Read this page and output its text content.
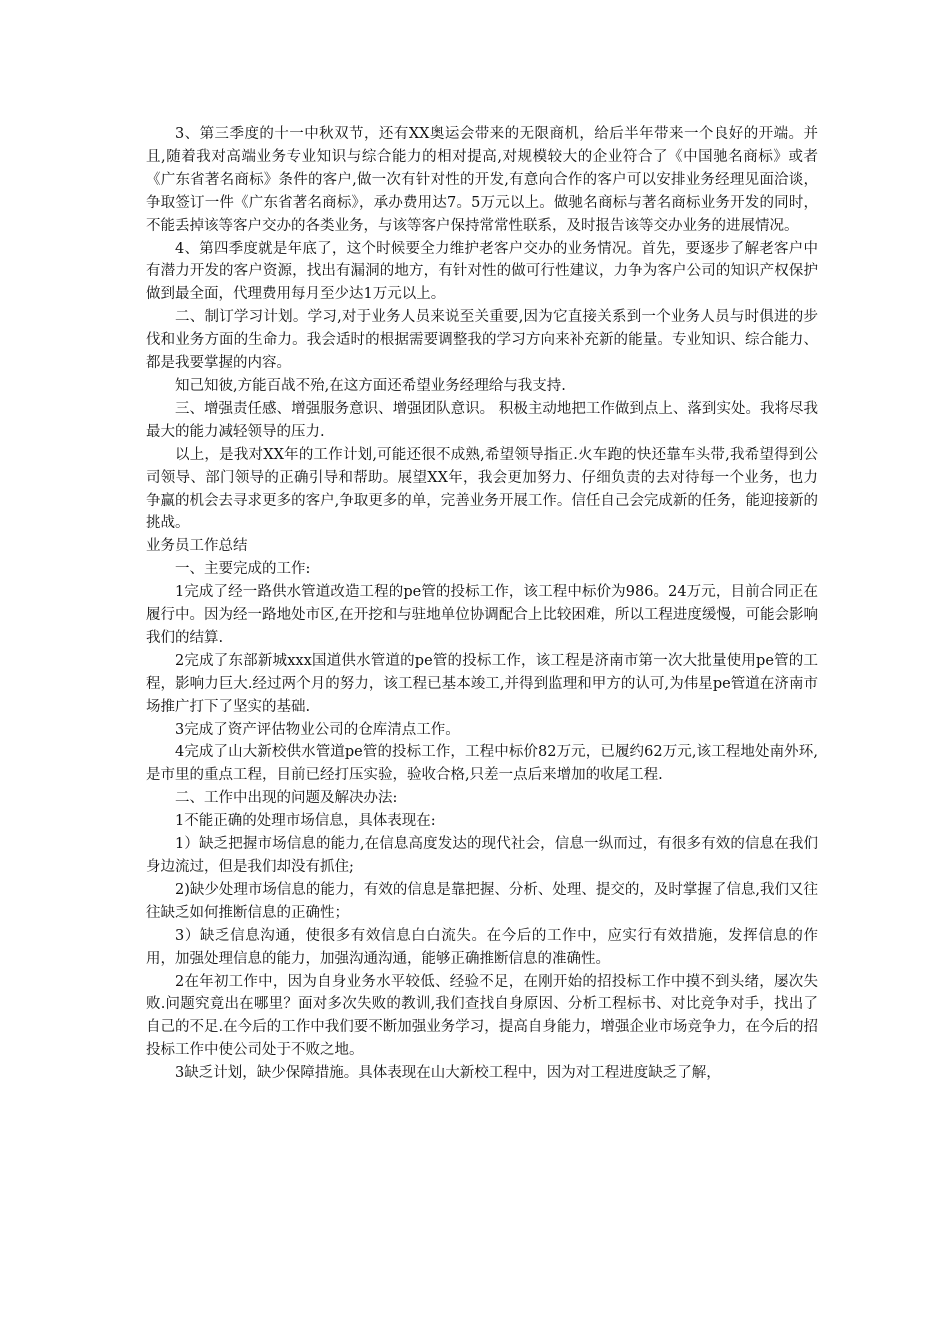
3、第三季度的十一中秋双节，还有XX奥运会带来的无限商机，给后半年带来一个良好的开端。并且,随着我对高端业务专业知识与综合能力的相对提高,对规模较大的企业符合了《中国驰名商标》或者《广东省著名商标》条件的客户,做一次有针对性的开发,有意向合作的客户可以安排业务经理见面洽谈，争取签订一件《广东省著名商标》，承办费用达7。5万元以上。做驰名商标与著名商标业务开发的同时，不能丢掉该等客户交办的各类业务，与该等客户保持常常性联系，及时报告该等交办业务的进展情况。

4、第四季度就是年底了，这个时候要全力维护老客户交办的业务情况。首先，要逐步了解老客户中有潜力开发的客户资源，找出有漏洞的地方，有针对性的做可行性建议，力争为客户公司的知识产权保护做到最全面，代理费用每月至少达1万元以上。

二、制订学习计划。学习,对于业务人员来说至关重要,因为它直接关系到一个业务人员与时俱进的步伐和业务方面的生命力。我会适时的根据需要调整我的学习方向来补充新的能量。专业知识、综合能力、都是我要掌握的内容。

知己知彼,方能百战不殆,在这方面还希望业务经理给与我支持.

三、增强责任感、增强服务意识、增强团队意识。 积极主动地把工作做到点上、落到实处。我将尽我最大的能力减轻领导的压力.

以上，是我对XX年的工作计划,可能还很不成熟,希望领导指正.火车跑的快还靠车头带,我希望得到公司领导、部门领导的正确引导和帮助。展望XX年，我会更加努力、仔细负责的去对待每一个业务，也力争赢的机会去寻求更多的客户,争取更多的单，完善业务开展工作。信任自己会完成新的任务，能迎接新的挑战。

业务员工作总结

一、主要完成的工作:

1完成了经一路供水管道改造工程的pe管的投标工作，该工程中标价为986。24万元，目前合同正在履行中。因为经一路地处市区,在开挖和与驻地单位协调配合上比较困难，所以工程进度缓慢，可能会影响我们的结算.

2完成了东部新城xxx国道供水管道的pe管的投标工作，该工程是济南市第一次大批量使用pe管的工程，影响力巨大.经过两个月的努力，该工程已基本竣工,并得到监理和甲方的认可,为伟星pe管道在济南市场推广打下了坚实的基础.

3完成了资产评估物业公司的仓库清点工作。

4完成了山大新校供水管道pe管的投标工作，工程中标价82万元，已履约62万元,该工程地处南外环,是市里的重点工程，目前已经打压实验，验收合格,只差一点后来增加的收尾工程.

二、工作中出现的问题及解决办法:

1不能正确的处理市场信息，具体表现在:

1）缺乏把握市场信息的能力,在信息高度发达的现代社会，信息一纵而过，有很多有效的信息在我们身边流过，但是我们却没有抓住;

2)缺少处理市场信息的能力，有效的信息是靠把握、分析、处理、提交的，及时掌握了信息,我们又往往缺乏如何推断信息的正确性；

3）缺乏信息沟通，使很多有效信息白白流失。在今后的工作中，应实行有效措施，发挥信息的作用，加强处理信息的能力，加强沟通沟通，能够正确推断信息的准确性。

2在年初工作中，因为自身业务水平较低、经验不足，在刚开始的招投标工作中摸不到头绪，屡次失败.问题究竟出在哪里？面对多次失败的教训,我们查找自身原因、分析工程标书、对比竞争对手，找出了自己的不足.在今后的工作中我们要不断加强业务学习，提高自身能力，增强企业市场竞争力，在今后的招投标工作中使公司处于不败之地。

3缺乏计划，缺少保障措施。具体表现在山大新校工程中，因为对工程进度缺乏了解，
